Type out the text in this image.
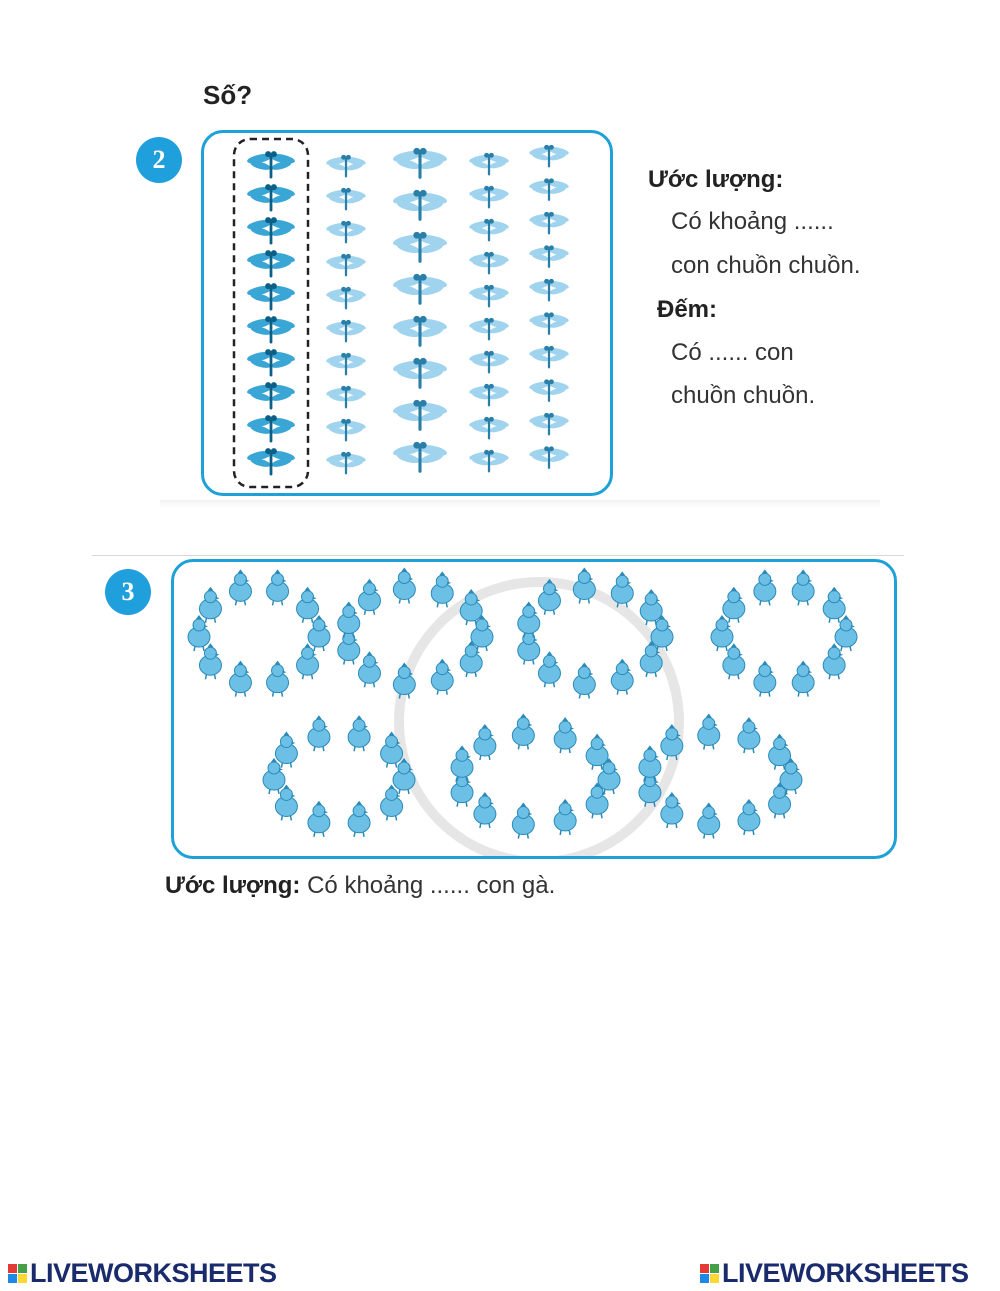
Số?
2
Ước lượng:
Có khoảng ......
con chuồn chuồn.
Đếm:
Có ...... con
chuồn chuồn.
3
Ước lượng: Có khoảng ...... con gà.
LIVEWORKSHEETS	LIVEWORKSHEETS
